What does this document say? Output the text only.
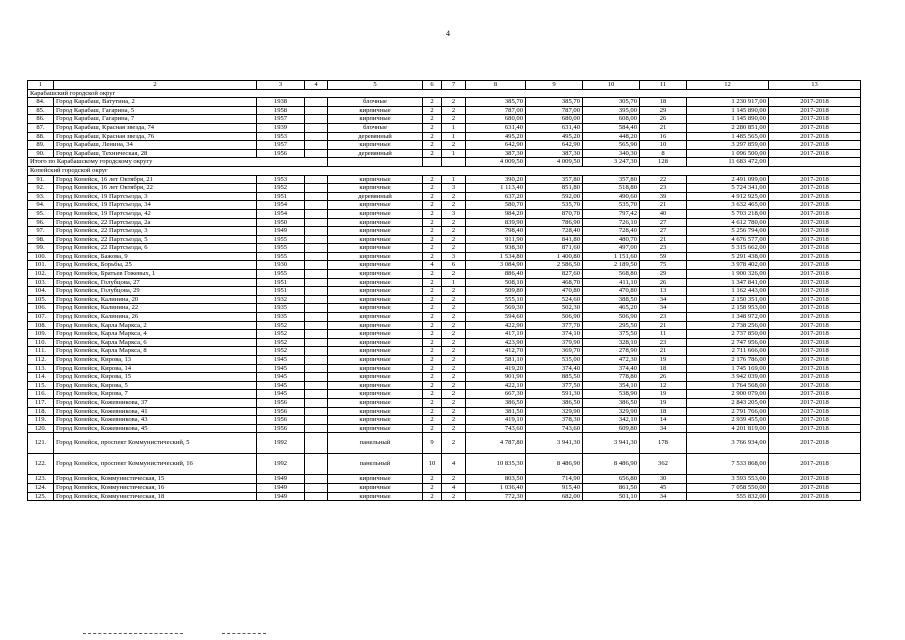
4
1	2	3	4	5	6	7	8	9	10	11	12	13
Карабашский городской округ												
84.	Город Карабаш, Ватутина, 2	1938		блочные	2	2	385,70	385,70	305,70	18	1 230 917,00	2017-2018
85.	Город Карабаш, Гагарина, 5	1958		кирпичные	2	2	787,00	787,00	395,00	29	1 145 890,00	2017-2018
86.	Город Карабаш, Гагарина, 7	1957		кирпичные	2	2	680,00	680,00	608,00	26	1 145 890,00	2017-2018
87.	Город Карабаш, Красная звезда, 74	1939		блочные	2	1	631,40	631,40	584,40	21	2 280 851,00	2017-2018
88.	Город Карабаш, Красная звезда, 76	1953		деревянный	2	1	495,20	495,20	448,20	16	1 485 565,00	2017-2018
89.	Город Карабаш, Ленина, 34	1957		кирпичные	2	2	642,90	642,90	565,90	10	3 297 859,00	2017-2018
90.	Город Карабаш, Техническая, 28	1956		деревянный	2	1	387,30	387,30	340,30	8	1 096 500,00	2017-2018
Итого по Карабашскому городскому округу							4 009,50	4 009,50	3 247,30	128	11 683 472,00	
Копейский городской округ												
91.	Город Копейск, 16 лет Октября, 21	1953		кирпичные	2	1	390,20	357,80	357,80	22	2 491 099,00	2017-2018
92.	Город Копейск, 16 лет Октября, 22	1952		кирпичные	2	3	1 113,40	851,80	518,80	23	5 724 341,00	2017-2018
93.	Город Копейск, 19 Партсъезда, 3	1951		деревянный	2	2	637,20	592,00	490,60	39	4 912 925,00	2017-2018
94.	Город Копейск, 19 Партсъезда, 34	1954		кирпичные	2	2	580,70	535,70	535,70	21	3 632 465,00	2017-2018
95.	Город Копейск, 19 Партсъезда, 42	1954		кирпичные	2	3	984,20	870,70	797,42	40	5 703 218,00	2017-2018
96.	Город Копейск, 22 Партсъезда, 2а	1950		кирпичные	2	2	839,90	786,90	726,10	27	4 612 780,00	2017-2018
97.	Город Копейск, 22 Партсъезда, 3	1949		кирпичные	2	2	798,40	728,40	728,40	27	5 256 794,00	2017-2018
98.	Город Копейск, 22 Партсъезда, 5	1955		кирпичные	2	2	911,90	841,80	480,70	21	4 676 577,00	2017-2018
99.	Город Копейск, 22 Партсъезда, 6	1955		кирпичные	2	2	938,30	871,60	497,00	23	5 315 662,00	2017-2018
100.	Город Копейск, Бажова, 9	1955		кирпичные	2	3	1 534,80	1 400,80	1 151,60	59	5 291 438,00	2017-2018
101.	Город Копейск, Борьбы, 25	1930		кирпичные	4	6	3 084,90	2 586,50	2 189,50	75	3 978 402,00	2017-2018
102.	Город Копейск, Братьев Гожевых, 1	1955		кирпичные	2	2	886,40	827,60	568,80	29	1 900 326,00	2017-2018
103.	Город Копейск, Голубцова, 27	1951		кирпичные	2	1	508,10	468,70	411,10	26	1 347 841,00	2017-2018
104.	Город Копейск, Голубцова, 29	1951		кирпичные	2	2	509,80	470,80	470,80	13	1 162 443,00	2017-2018
105.	Город Копейск, Калинина, 20	1932		кирпичные	2	2	555,10	524,60	388,50	34	2 150 351,00	2017-2018
106.	Город Копейск, Калинина, 22	1935		кирпичные	2	2	569,30	502,30	465,20	34	2 158 953,00	2017-2018
107.	Город Копейск, Калинина, 26	1935		кирпичные	2	2	594,60	506,90	506,90	23	1 348 972,00	2017-2018
108.	Город Копейск, Карла Маркса, 2	1952		кирпичные	2	2	422,90	377,70	295,50	21	2 738 256,00	2017-2018
109.	Город Копейск, Карла Маркса, 4	1952		кирпичные	2	2	417,10	374,10	375,50	11	2 737 850,00	2017-2018
110.	Город Копейск, Карла Маркса, 6	1952		кирпичные	2	2	423,90	379,90	328,10	23	2 747 956,00	2017-2018
111.	Город Копейск, Карла Маркса, 8	1952		кирпичные	2	2	412,70	369,70	278,90	21	2 711 666,00	2017-2018
112.	Город Копейск, Кирова, 13	1945		кирпичные	2	2	581,10	535,00	472,30	19	2 176 786,00	2017-2018
113.	Город Копейск, Кирова, 14	1945		кирпичные	2	2	419,20	374,40	374,40	18	1 745 169,00	2017-2018
114.	Город Копейск, Кирова, 15	1945		кирпичные	2	2	901,90	885,50	778,80	26	3 942 039,00	2017-2018
115.	Город Копейск, Кирова, 5	1945		кирпичные	2	2	422,10	377,50	354,10	12	1 764 568,00	2017-2018
116.	Город Копейск, Кирова, 7	1945		кирпичные	2	2	667,30	591,30	538,90	19	2 900 079,00	2017-2018
117.	Город Копейск, Кожевникова, 37	1956		кирпичные	2	2	386,50	386,50	386,50	19	2 843 205,00	2017-2018
118.	Город Копейск, Кожевникова, 41	1956		кирпичные	2	2	381,50	329,90	329,90	18	2 791 766,00	2017-2018
119.	Город Копейск, Кожевникова, 43	1956		кирпичные	2	2	419,10	378,30	342,10	14	2 939 455,00	2017-2018
120.	Город Копейск, Кожевникова, 45	1956		кирпичные	2	2	743,60	743,60	609,80	34	4 201 819,00	2017-2018
121.	Город Копейск, проспект Коммунистический, 5	1992		панельный	9	2	4 787,80	3 941,30	3 941,30	178	3 766 934,00	2017-2018
122.	Город Копейск, проспект Коммунистический, 16	1992		панельный	10	4	10 835,30	8 486,90	8 486,90	362	7 533 868,00	2017-2018
123.	Город Копейск, Коммунистическая, 15	1949		кирпичные	2	2	803,50	714,90	656,80	30	3 593 553,00	2017-2018
124.	Город Копейск, Коммунистическая, 16	1949		кирпичные	2	4	1 036,40	915,40	861,50	45	7 058 550,00	2017-2018
125.	Город Копейск, Коммунистическая, 18	1949		кирпичные	2	2	772,30	682,00	501,10	34	555 832,00	2017-2018
